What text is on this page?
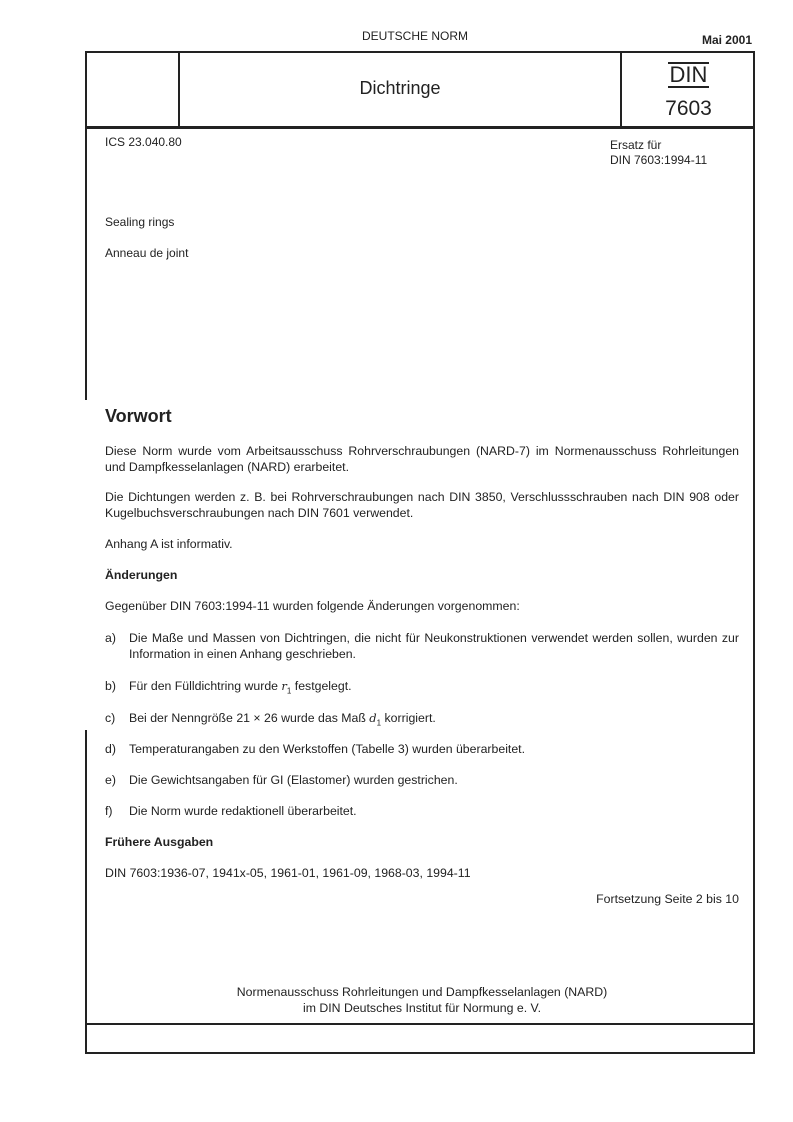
DEUTSCHE NORM	Mai 2001
Dichtringe
DIN
7603
ICS 23.040.80	Ersatz für
DIN 7603:1994-11
Sealing rings
Anneau de joint
Vorwort
Diese Norm wurde vom Arbeitsausschuss Rohrverschraubungen (NARD-7) im Normenausschuss Rohrleitungen und Dampfkesselanlagen (NARD) erarbeitet.
Die Dichtungen werden z. B. bei Rohrverschraubungen nach DIN 3850, Verschlussschrauben nach DIN 908 oder Kugelbuchsverschraubungen nach DIN 7601 verwendet.
Anhang A ist informativ.
Änderungen
Gegenüber DIN 7603:1994-11 wurden folgende Änderungen vorgenommen:
a)	Die Maße und Massen von Dichtringen, die nicht für Neukonstruktionen verwendet werden sollen, wurden zur Information in einen Anhang geschrieben.
b)	Für den Fülldichtring wurde $r_1$ festgelegt.
c)	Bei der Nenngröße 21 × 26 wurde das Maß $d_1$ korrigiert.
d)	Temperaturangaben zu den Werkstoffen (Tabelle 3) wurden überarbeitet.
e)	Die Gewichtsangaben für GI (Elastomer) wurden gestrichen.
f)	Die Norm wurde redaktionell überarbeitet.
Frühere Ausgaben
DIN 7603:1936-07, 1941x-05, 1961-01, 1961-09, 1968-03, 1994-11
Fortsetzung Seite 2 bis 10
Normenausschuss Rohrleitungen und Dampfkesselanlagen (NARD)
im DIN Deutsches Institut für Normung e. V.
